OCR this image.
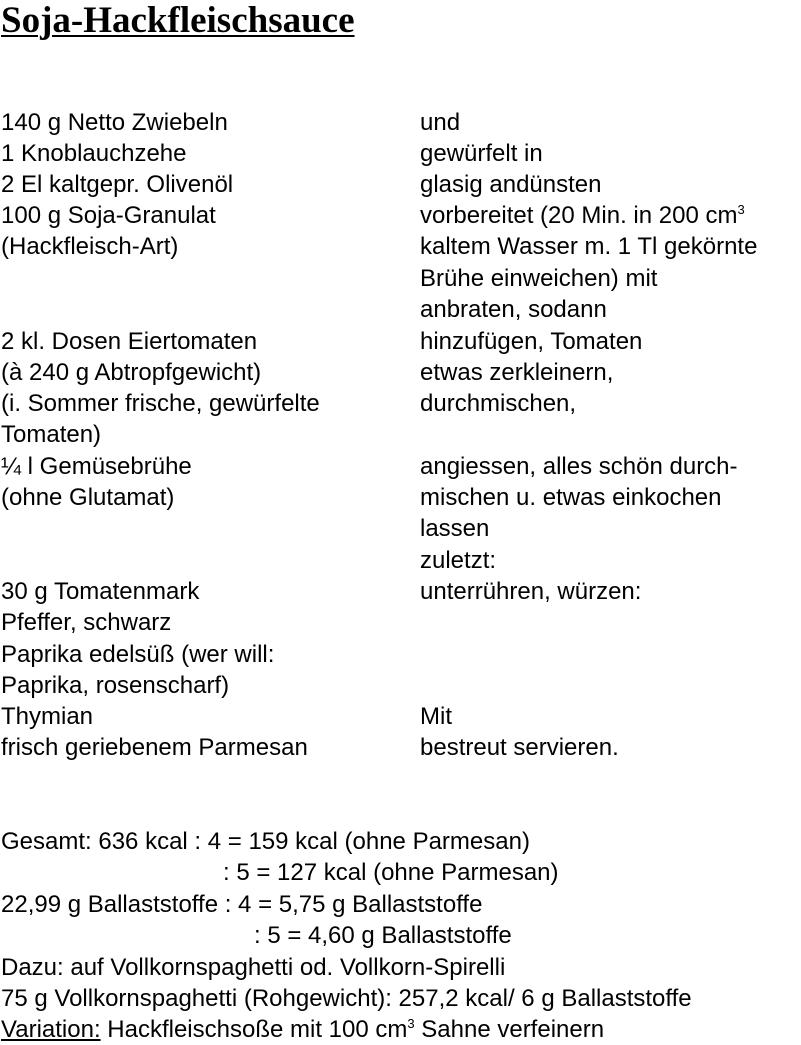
Soja-Hackfleischsauce

140 g Netto Zwiebeln

1 Knoblauchzehe

2 El kaltgepr. Olivenöl

100 g Soja-Granulat

(Hackfleisch-Art)

2 kl. Dosen Eiertomaten

(à 240 g Abtropfgewicht)

(i. Sommer frische, gewürfelte

Tomaten)

¼ l Gemüsebrühe

(ohne Glutamat)

30 g Tomatenmark

Pfeffer, schwarz

Paprika edelsüß (wer will:

Paprika, rosenscharf)

Thymian

frisch geriebenem Parmesan

und

gewürfelt in

glasig andünsten

vorbereitet (20 Min. in 200 $cm^3$

kaltem Wasser m. 1 Tl gekörnte

Brühe einweichen) mit

anbraten, sodann

hinzufügen, Tomaten

etwas zerkleinern,

durchmischen,

angiessen, alles schön durch-

mischen u. etwas einkochen

lassen

zuletzt:

unterrühren, würzen:

Mit

bestreut servieren.

Gesamt: 636 kcal : 4 = 159 kcal (ohne Parmesan)

: 5 = 127 kcal (ohne Parmesan)

22,99 g Ballaststoffe : 4 = 5,75 g Ballaststoffe

: 5 = 4,60 g Ballaststoffe

Dazu: auf Vollkornspaghetti od. Vollkorn-Spirelli

75 g Vollkornspaghetti (Rohgewicht): 257,2 kcal/ 6 g Ballaststoffe

Variation: Hackfleischsoße mit 100 $cm^3$ Sahne verfeinern
